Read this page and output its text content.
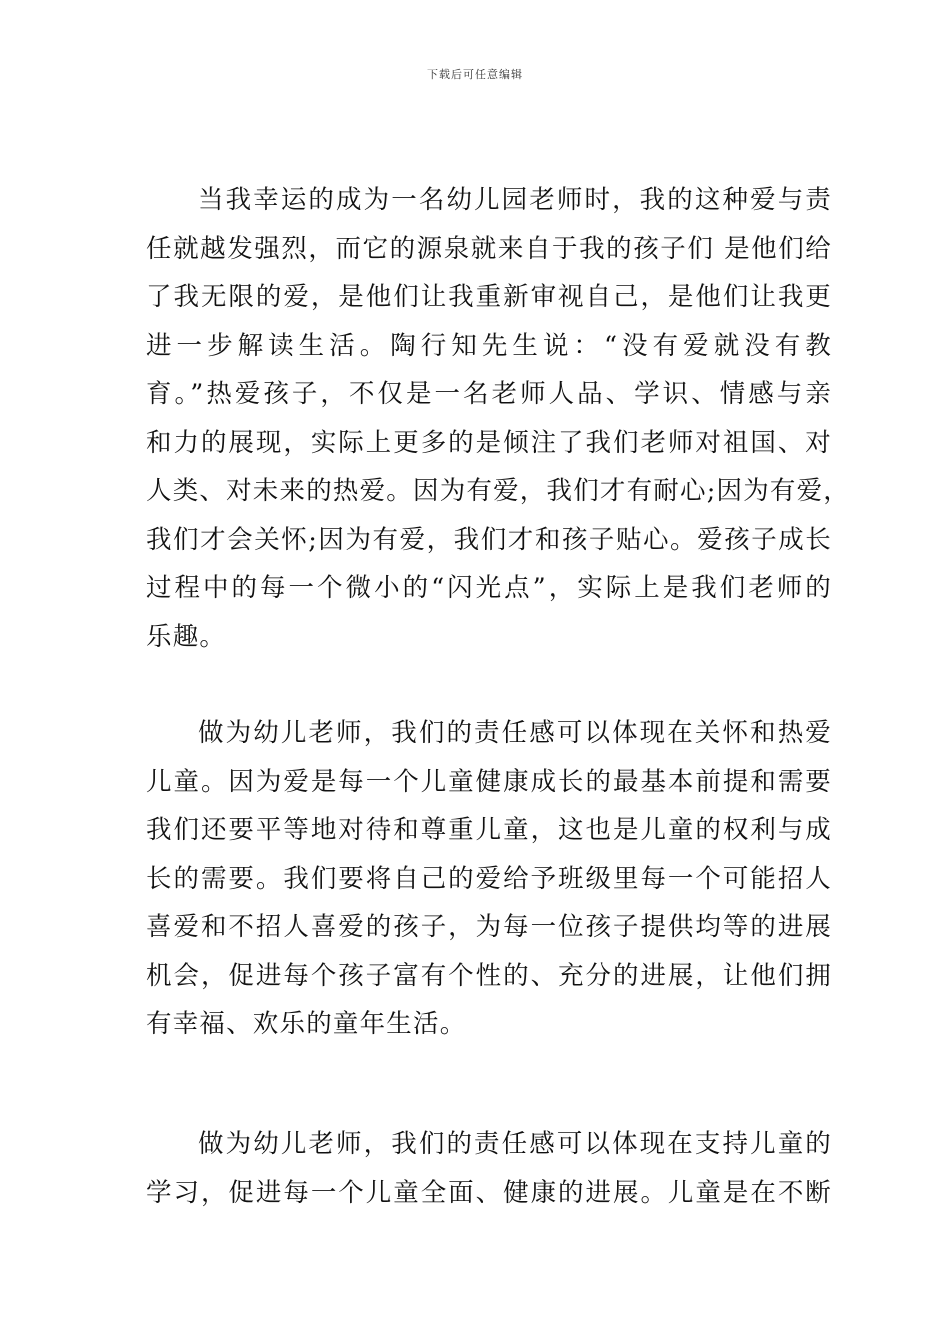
下载后可任意编辑
当我幸运的成为一名幼儿园老师时，我的这种爱与责
任就越发强烈，而它的源泉就来自于我的孩子们 是他们给
了我无限的爱，是他们让我重新审视自己，是他们让我更
进一步解读生活。陶行知先生说：“没有爱就没有教
育。”热爱孩子，不仅是一名老师人品、学识、情感与亲
和力的展现，实际上更多的是倾注了我们老师对祖国、对
人类、对未来的热爱。因为有爱，我们才有耐心;因为有爱，
我们才会关怀;因为有爱，我们才和孩子贴心。爱孩子成长
过程中的每一个微小的“闪光点”，实际上是我们老师的
乐趣。
做为幼儿老师，我们的责任感可以体现在关怀和热爱
儿童。因为爱是每一个儿童健康成长的最基本前提和需要
我们还要平等地对待和尊重儿童，这也是儿童的权利与成
长的需要。我们要将自己的爱给予班级里每一个可能招人
喜爱和不招人喜爱的孩子，为每一位孩子提供均等的进展
机会，促进每个孩子富有个性的、充分的进展，让他们拥
有幸福、欢乐的童年生活。
做为幼儿老师，我们的责任感可以体现在支持儿童的
学习，促进每一个儿童全面、健康的进展。儿童是在不断
